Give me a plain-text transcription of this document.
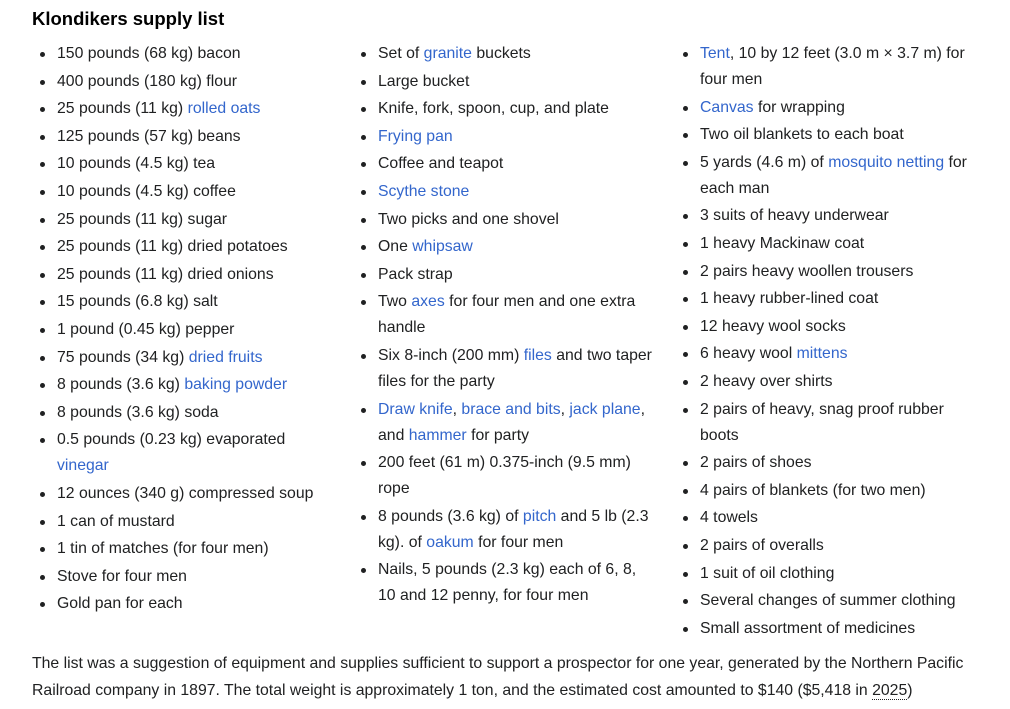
Klondikers supply list
150 pounds (68 kg) bacon
400 pounds (180 kg) flour
25 pounds (11 kg) rolled oats
125 pounds (57 kg) beans
10 pounds (4.5 kg) tea
10 pounds (4.5 kg) coffee
25 pounds (11 kg) sugar
25 pounds (11 kg) dried potatoes
25 pounds (11 kg) dried onions
15 pounds (6.8 kg) salt
1 pound (0.45 kg) pepper
75 pounds (34 kg) dried fruits
8 pounds (3.6 kg) baking powder
8 pounds (3.6 kg) soda
0.5 pounds (0.23 kg) evaporated vinegar
12 ounces (340 g) compressed soup
1 can of mustard
1 tin of matches (for four men)
Stove for four men
Gold pan for each
Set of granite buckets
Large bucket
Knife, fork, spoon, cup, and plate
Frying pan
Coffee and teapot
Scythe stone
Two picks and one shovel
One whipsaw
Pack strap
Two axes for four men and one extra handle
Six 8-inch (200 mm) files and two taper files for the party
Draw knife, brace and bits, jack plane, and hammer for party
200 feet (61 m) 0.375-inch (9.5 mm) rope
8 pounds (3.6 kg) of pitch and 5 lb (2.3 kg). of oakum for four men
Nails, 5 pounds (2.3 kg) each of 6, 8, 10 and 12 penny, for four men
Tent, 10 by 12 feet (3.0 m × 3.7 m) for four men
Canvas for wrapping
Two oil blankets to each boat
5 yards (4.6 m) of mosquito netting for each man
3 suits of heavy underwear
1 heavy Mackinaw coat
2 pairs heavy woollen trousers
1 heavy rubber-lined coat
12 heavy wool socks
6 heavy wool mittens
2 heavy over shirts
2 pairs of heavy, snag proof rubber boots
2 pairs of shoes
4 pairs of blankets (for two men)
4 towels
2 pairs of overalls
1 suit of oil clothing
Several changes of summer clothing
Small assortment of medicines

The list was a suggestion of equipment and supplies sufficient to support a prospector for one year, generated by the Northern Pacific Railroad company in 1897. The total weight is approximately 1 ton, and the estimated cost amounted to $140 ($5,418 in 2025)
